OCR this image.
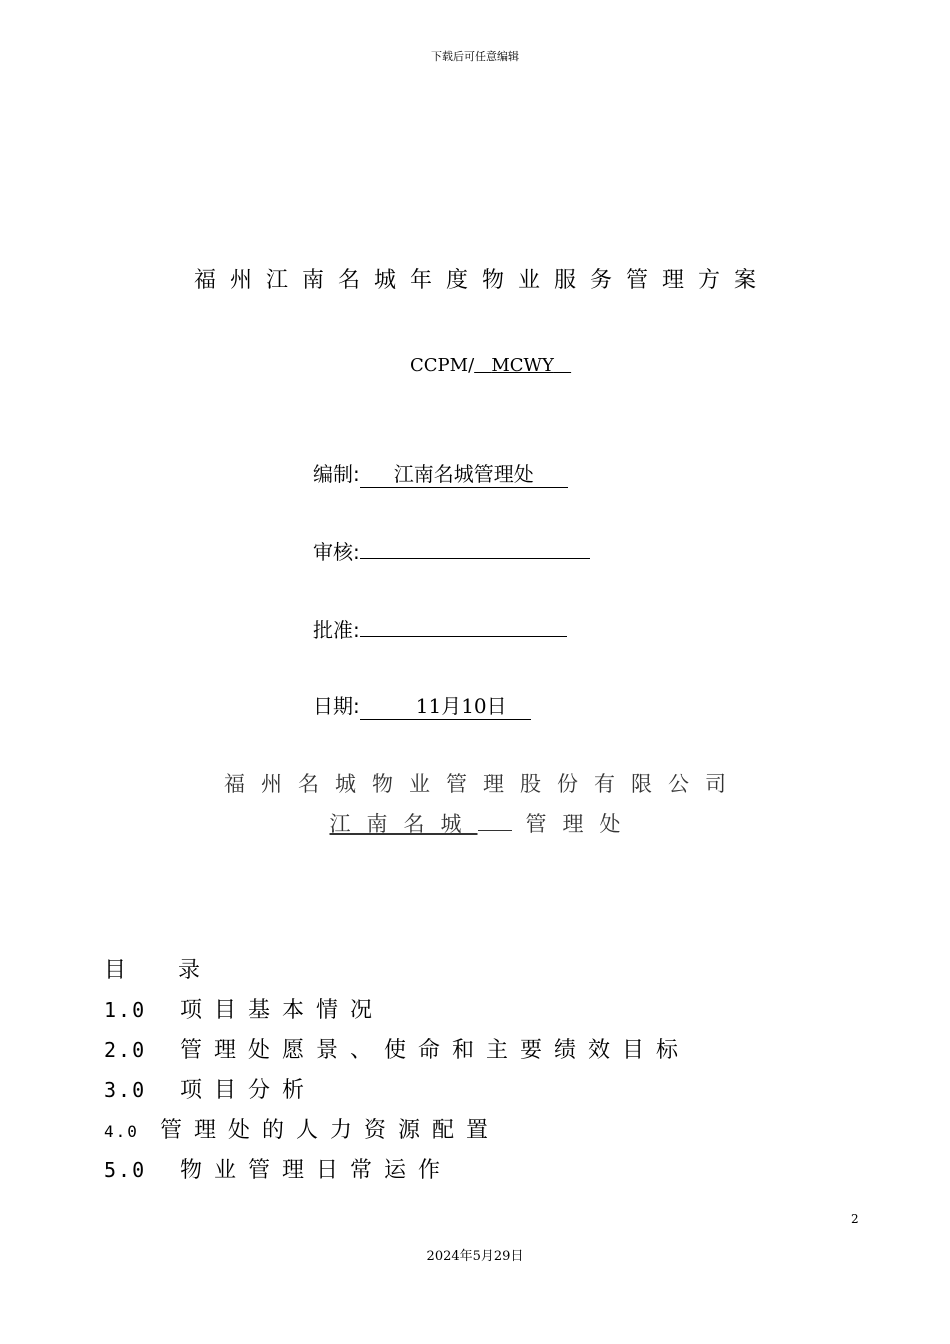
下载后可任意编辑
福州江南名城年度物业服务管理方案
CCPM/ MCWY
编制: 江南名城管理处
审核:
批准:
日期:	11月10日
福州名城物业管理股份有限公司
江南名城 管理处
目 录
1.0 项目基本情况
2.0 管理处愿景、使命和主要绩效目标
3.0 项目分析
4.0 管理处的人力资源配置
5.0 物业管理日常运作
2
2024年5月29日
